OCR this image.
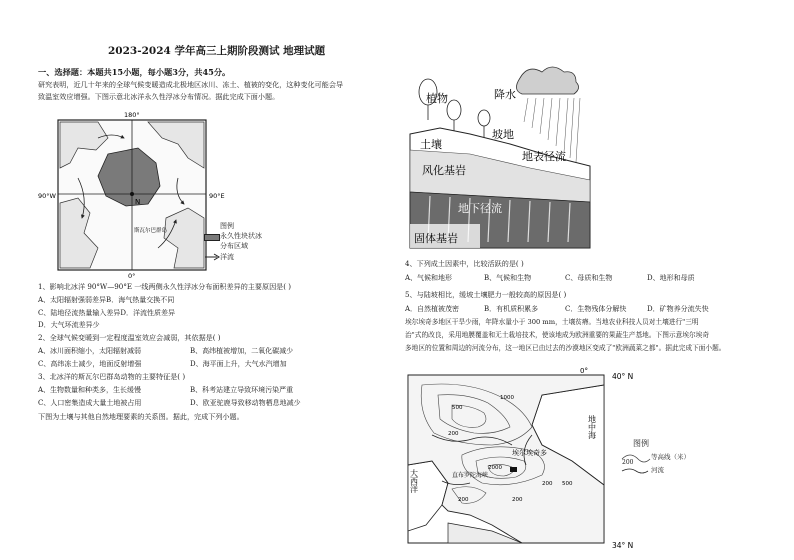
2023-2024 学年高三上期阶段测试 地理试题
一、选择题：本题共15小题，每小题3分，共45分。
研究表明，近几十年来的全球气候变暖造成北极地区冰川、冻土、植被的变化，这种变化可能会导
致温室效应增强。下图示意北冰洋永久性浮冰分布情况。据此完成下面小题。
180°
90°W	90°E
0°
N
斯瓦尔巴群岛
图例
永久性块状冰
分布区域
洋流
1、影响北冰洋 90°W—90°E 一线两侧永久性浮冰分布面积差异的主要原因是( )
A、太阳辐射强弱差异B．海气热量交换不同
C、陆地径流热量输入差异D．洋流性质差异
D．大气环流差异少
2、全球气候变暖到一定程度温室效应会减弱，其依据是( )
A、冰川面积缩小，太阳辐射减弱	B、高纬植被增加，二氧化碳减少
C、高纬冻土减少，地面反射增强	D、海平面上升，大气水汽增加
3、北冰洋的斯瓦尔巴群岛动物的主要特征是( )
A、生物数量和种类多，生长缓慢	B、科考站建立导致环境污染严重
C、人口密集造成大量土地被占用	D、欧亚驼鹿导致移动物栖息地减少
下图为土壤与其他自然地理要素的关系图。据此，完成下列小题。
降水
植物
土壤
坡地
地表径流
风化基岩
地下径流
固体基岩
4、下列成土因素中，比较活跃的是( )
A、气候和地形	B、气候和生物	C、母质和生物	D、地形和母质
5、与陆坡相比，缓坡土壤肥力一般较高的原因是( )
A．自然植被茂密	B．有机质积累多	C．生物残体分解快	D．矿物养分流失快
埃尔埃奇多地区干旱少雨，年降水量小于 300 mm，土壤贫瘠。当地农业科技人员对土壤进行"三明
治"式的改良，采用地膜覆盖和无土栽培技术，使该地成为欧洲重要的果蔬生产基地。下图示意埃尔埃奇
多地区的位置和周边的河流分布，这一地区已由过去的沙漠地区变成了"欧洲蔬菜之都"。据此完成下面小题。
0°
40° N
34° N
地中海
大西洋
埃尔埃奇多
直布罗陀海峡
200
1000
500
2000
200 500
200	200
图例
200
等高线（米）
河流
